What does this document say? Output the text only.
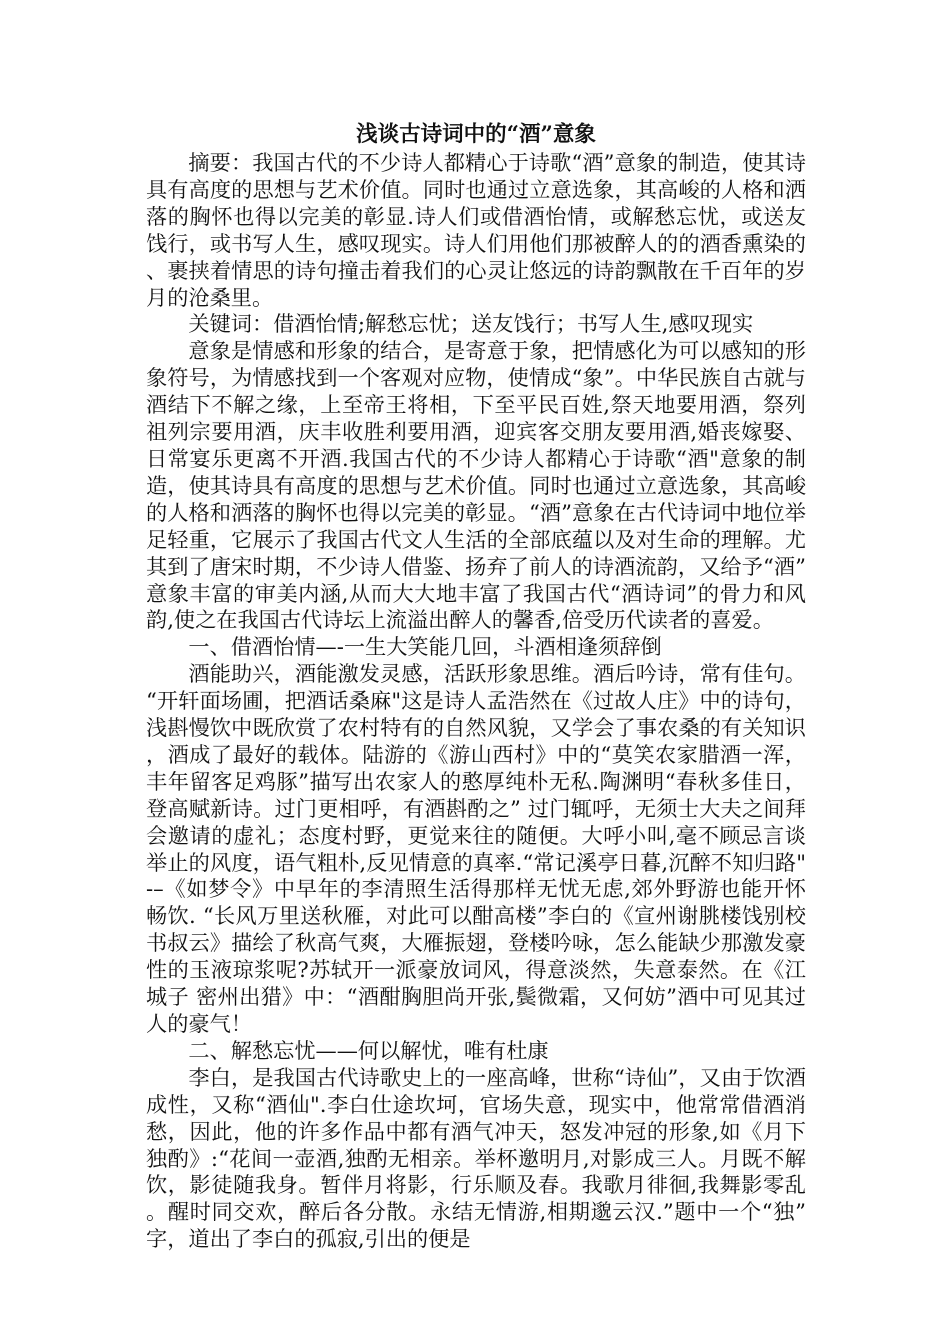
浅谈古诗词中的“酒”意象

摘要：我国古代的不少诗人都精心于诗歌“酒”意象的制造，使其诗具有高度的思想与艺术价值。同时也通过立意选象，其高峻的人格和洒落的胸怀也得以完美的彰显.诗人们或借酒怡情，或解愁忘忧，或送友饯行，或书写人生，感叹现实。诗人们用他们那被醉人的的酒香熏染的、裹挟着情思的诗句撞击着我们的心灵让悠远的诗韵飘散在千百年的岁月的沧桑里。

关键词：借酒怡情;解愁忘忧；送友饯行；书写人生,感叹现实

意象是情感和形象的结合，是寄意于象，把情感化为可以感知的形象符号，为情感找到一个客观对应物，使情成“象”。中华民族自古就与酒结下不解之缘，上至帝王将相，下至平民百姓,祭天地要用酒，祭列祖列宗要用酒，庆丰收胜利要用酒，迎宾客交朋友要用酒,婚丧嫁娶、日常宴乐更离不开酒.我国古代的不少诗人都精心于诗歌“酒"意象的制造，使其诗具有高度的思想与艺术价值。同时也通过立意选象，其高峻的人格和洒落的胸怀也得以完美的彰显。“酒”意象在古代诗词中地位举足轻重，它展示了我国古代文人生活的全部底蕴以及对生命的理解。尤其到了唐宋时期，不少诗人借鉴、扬弃了前人的诗酒流韵，又给予“酒”意象丰富的审美内涵,从而大大地丰富了我国古代“酒诗词”的骨力和风韵,使之在我国古代诗坛上流溢出醉人的馨香,倍受历代读者的喜爱。

一、借酒怡情—-一生大笑能几回，斗酒相逢须辞倒

酒能助兴，酒能激发灵感，活跃形象思维。酒后吟诗，常有佳句。“开轩面场圃，把酒话桑麻"这是诗人孟浩然在《过故人庄》中的诗句，浅斟慢饮中既欣赏了农村特有的自然风貌，又学会了事农桑的有关知识，酒成了最好的载体。陆游的《游山西村》中的“莫笑农家腊酒一浑，丰年留客足鸡豚”描写出农家人的憨厚纯朴无私.陶渊明“春秋多佳日，登高赋新诗。过门更相呼，有酒斟酌之” 过门辄呼，无须士大夫之间拜会邀请的虚礼；态度村野，更觉来往的随便。大呼小叫,毫不顾忌言谈举止的风度，语气粗朴,反见情意的真率.“常记溪亭日暮,沉醉不知归路"-–《如梦令》中早年的李清照生活得那样无忧无虑,郊外野游也能开怀畅饮. “长风万里送秋雁，对此可以酣高楼”李白的《宣州谢朓楼饯别校书叔云》描绘了秋高气爽，大雁振翅，登楼吟咏，怎么能缺少那激发豪性的玉液琼浆呢?苏轼开一派豪放词风，得意淡然，失意泰然。在《江城子 密州出猎》中：“酒酣胸胆尚开张,鬓微霜，又何妨”酒中可见其过人的豪气！

二、解愁忘忧——何以解忧，唯有杜康

李白，是我国古代诗歌史上的一座高峰，世称“诗仙”，又由于饮酒成性，又称“酒仙".李白仕途坎坷，官场失意，现实中，他常常借酒消愁，因此，他的许多作品中都有酒气冲天，怒发冲冠的形象,如《月下独酌》:“花间一壶酒,独酌无相亲。举杯邀明月,对影成三人。月既不解饮，影徒随我身。暂伴月将影，行乐顺及春。我歌月徘徊,我舞影零乱。醒时同交欢，醉后各分散。永结无情游,相期邈云汉.”题中一个“独”字，道出了李白的孤寂,引出的便是
